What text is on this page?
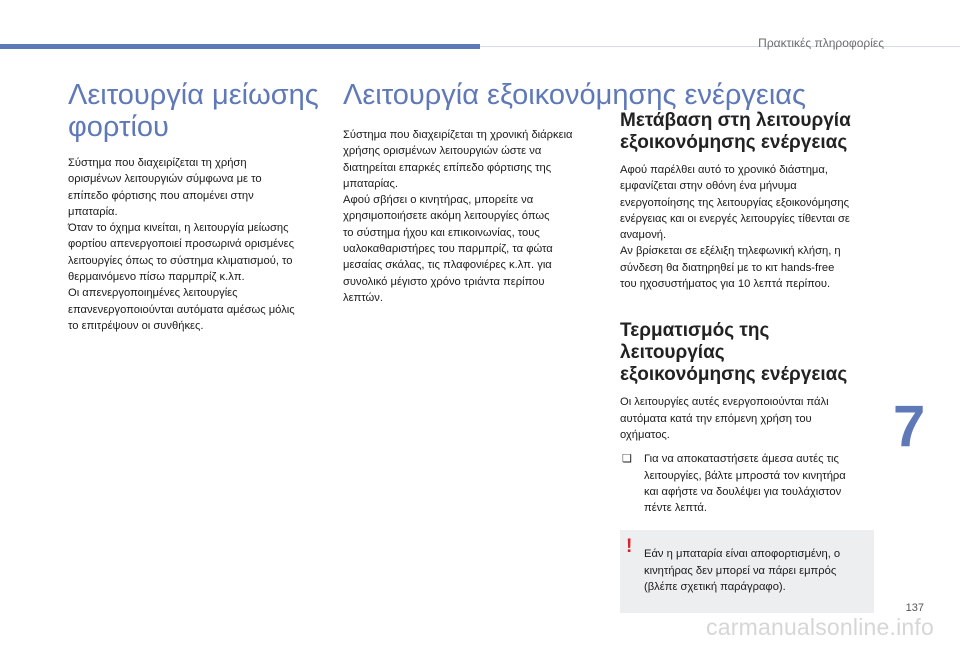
Πρακτικές πληροφορίες
Λειτουργία μείωσης
φορτίου

Σύστημα που διαχειρίζεται τη χρήση
ορισμένων λειτουργιών σύμφωνα με το
επίπεδο φόρτισης που απομένει στην
μπαταρία.
Όταν το όχημα κινείται, η λειτουργία μείωσης
φορτίου απενεργοποιεί προσωρινά ορισμένες
λειτουργίες όπως το σύστημα κλιματισμού, το
θερμαινόμενο πίσω παρμπρίζ κ.λπ.
Οι απενεργοποιημένες λειτουργίες
επανενεργοποιούνται αυτόματα αμέσως μόλις
το επιτρέψουν οι συνθήκες.

Λειτουργία εξοικονόμησης ενέργειας

Σύστημα που διαχειρίζεται τη χρονική διάρκεια
χρήσης ορισμένων λειτουργιών ώστε να
διατηρείται επαρκές επίπεδο φόρτισης της
μπαταρίας.
Αφού σβήσει ο κινητήρας, μπορείτε να
χρησιμοποιήσετε ακόμη λειτουργίες όπως
το σύστημα ήχου και επικοινωνίας, τους
υαλοκαθαριστήρες του παρμπρίζ, τα φώτα
μεσαίας σκάλας, τις πλαφονιέρες κ.λπ. για
συνολικό μέγιστο χρόνο τριάντα περίπου
λεπτών.

Μετάβαση στη λειτουργία
εξοικονόμησης ενέργειας

Αφού παρέλθει αυτό το χρονικό διάστημα,
εμφανίζεται στην οθόνη ένα μήνυμα
ενεργοποίησης της λειτουργίας εξοικονόμησης
ενέργειας και οι ενεργές λειτουργίες τίθενται σε
αναμονή.
Αν βρίσκεται σε εξέλιξη τηλεφωνική κλήση, η
σύνδεση θα διατηρηθεί με το κιτ hands-free
του ηχοσυστήματος για 10 λεπτά περίπου.

Τερματισμός της λειτουργίας
εξοικονόμησης ενέργειας

Οι λειτουργίες αυτές ενεργοποιούνται πάλι
αυτόματα κατά την επόμενη χρήση του
οχήματος.

❏	Για να αποκαταστήσετε άμεσα αυτές τις
λειτουργίες, βάλτε μπροστά τον κινητήρα
και αφήστε να δουλέψει για τουλάχιστον
πέντε λεπτά.

! Εάν η μπαταρία είναι αποφορτισμένη, ο
κινητήρας δεν μπορεί να πάρει εμπρός
(βλέπε σχετική παράγραφο).

7
137
carmanualsonline.info
